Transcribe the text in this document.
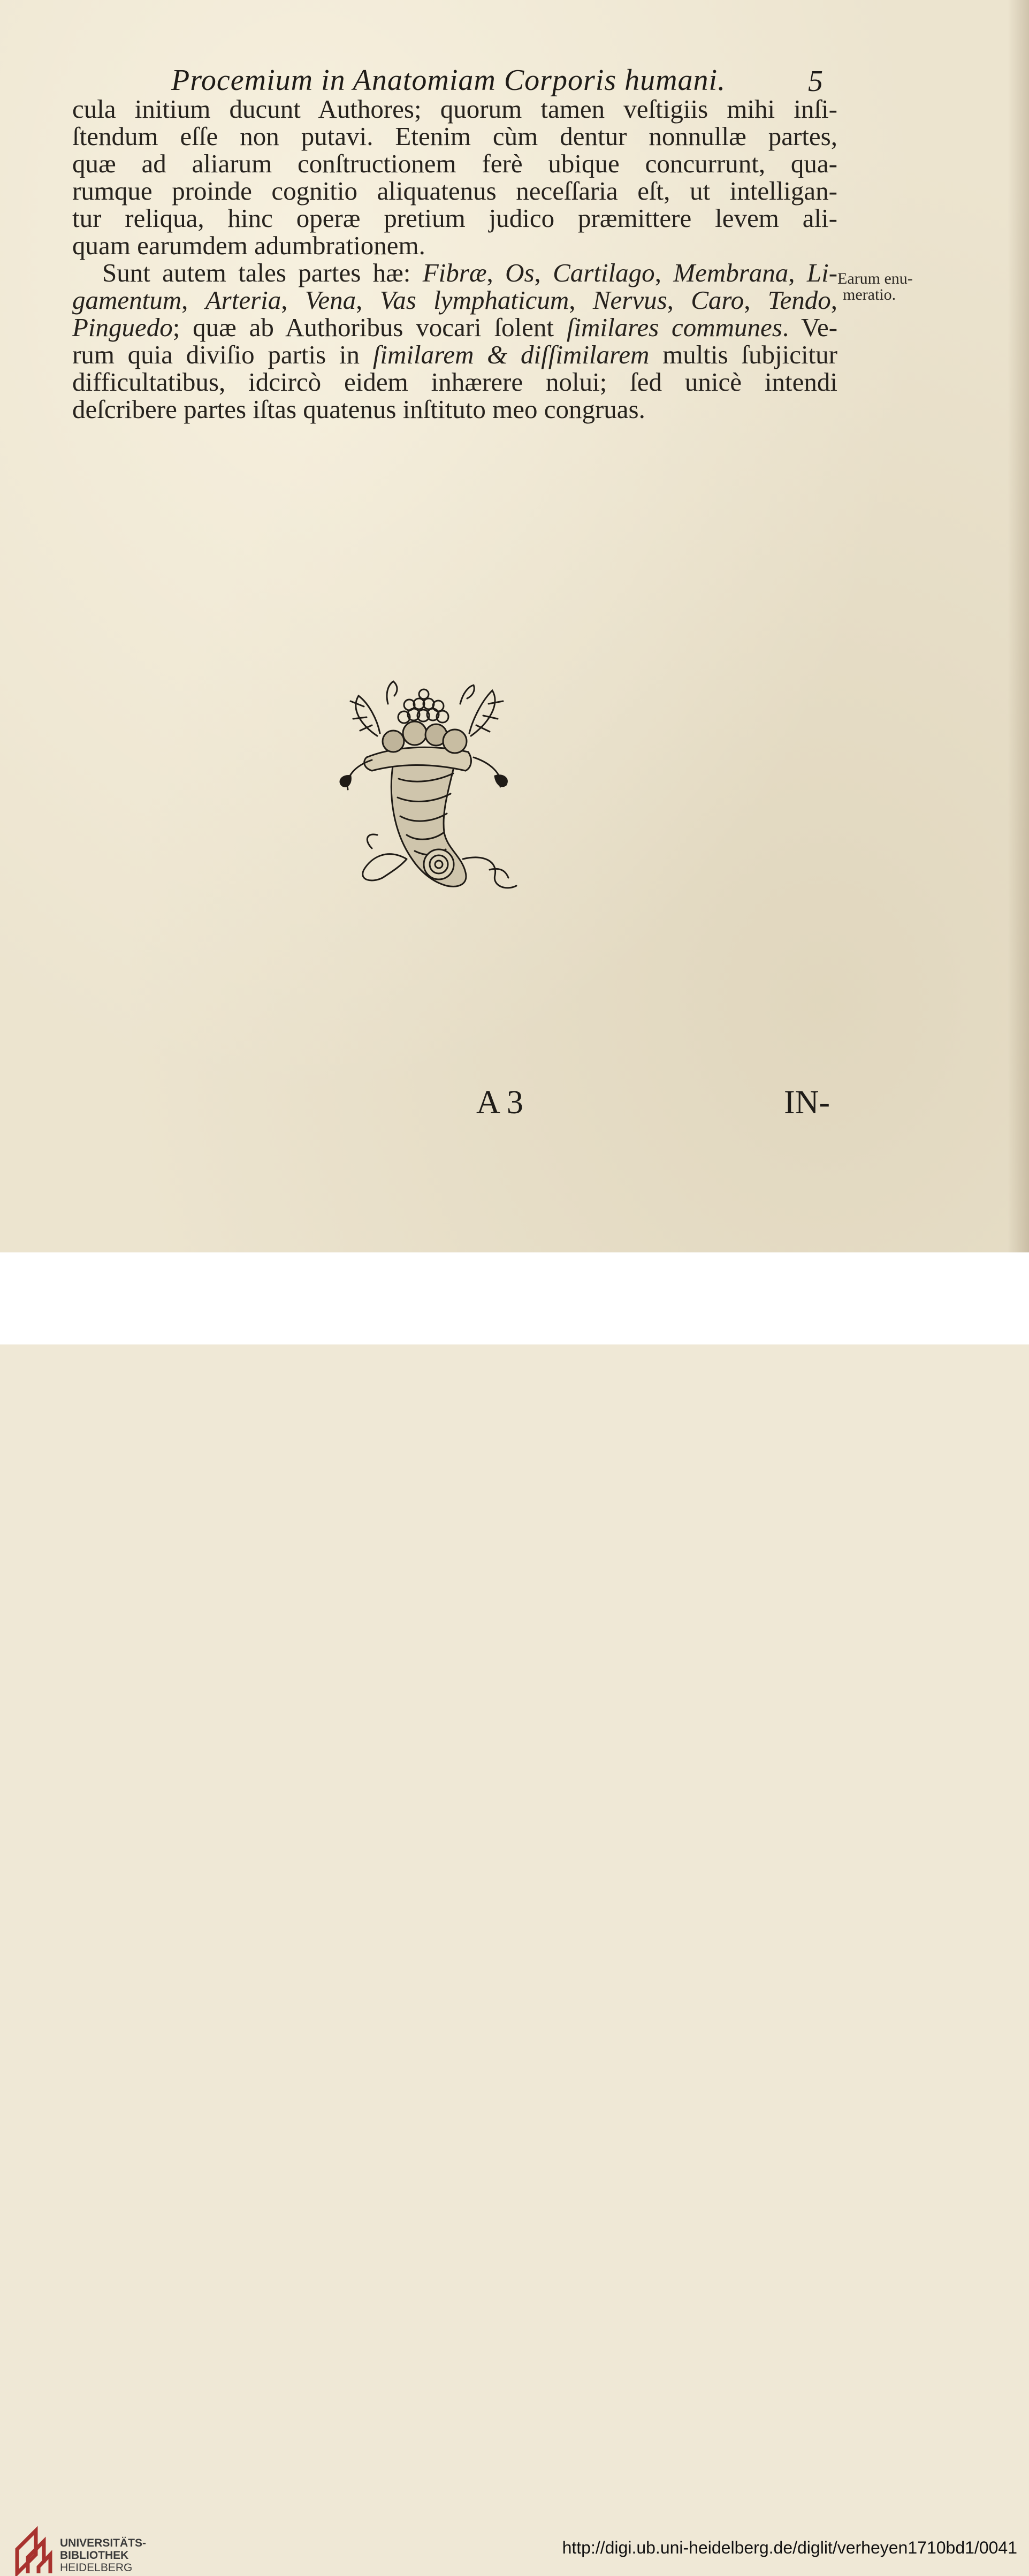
Procemium in Anatomiam Corporis humani.	5
cula initium ducunt Authores; quorum tamen veſtigiis mihi inſi-
ſtendum eſſe non putavi. Etenim cùm dentur nonnullæ partes,
quæ ad aliarum conſtructionem ferè ubique concurrunt, qua-
rumque proinde cognitio aliquatenus neceſſaria eſt, ut intelligan-
tur reliqua, hinc operæ pretium judico præmittere levem ali-
quam earumdem adumbrationem.
Sunt autem tales partes hæ: Fibræ, Os, Cartilago, Membrana, Li-
gamentum, Arteria, Vena, Vas lymphaticum, Nervus, Caro, Tendo,
Pinguedo; quæ ab Authoribus vocari ſolent ſimilares communes. Ve-
rum quia diviſio partis in ſimilarem & diſſimilarem multis ſubjicitur
difficultatibus, idcircò eidem inhærere nolui; ſed unicè intendi
deſcribere partes iſtas quatenus inſtituto meo congruas.
Earum enu-
meratio.
A 3	IN-
UNIVERSITÄTS-
BIBLIOTHEK
HEIDELBERG
http://digi.ub.uni-heidelberg.de/diglit/verheyen1710bd1/0041
